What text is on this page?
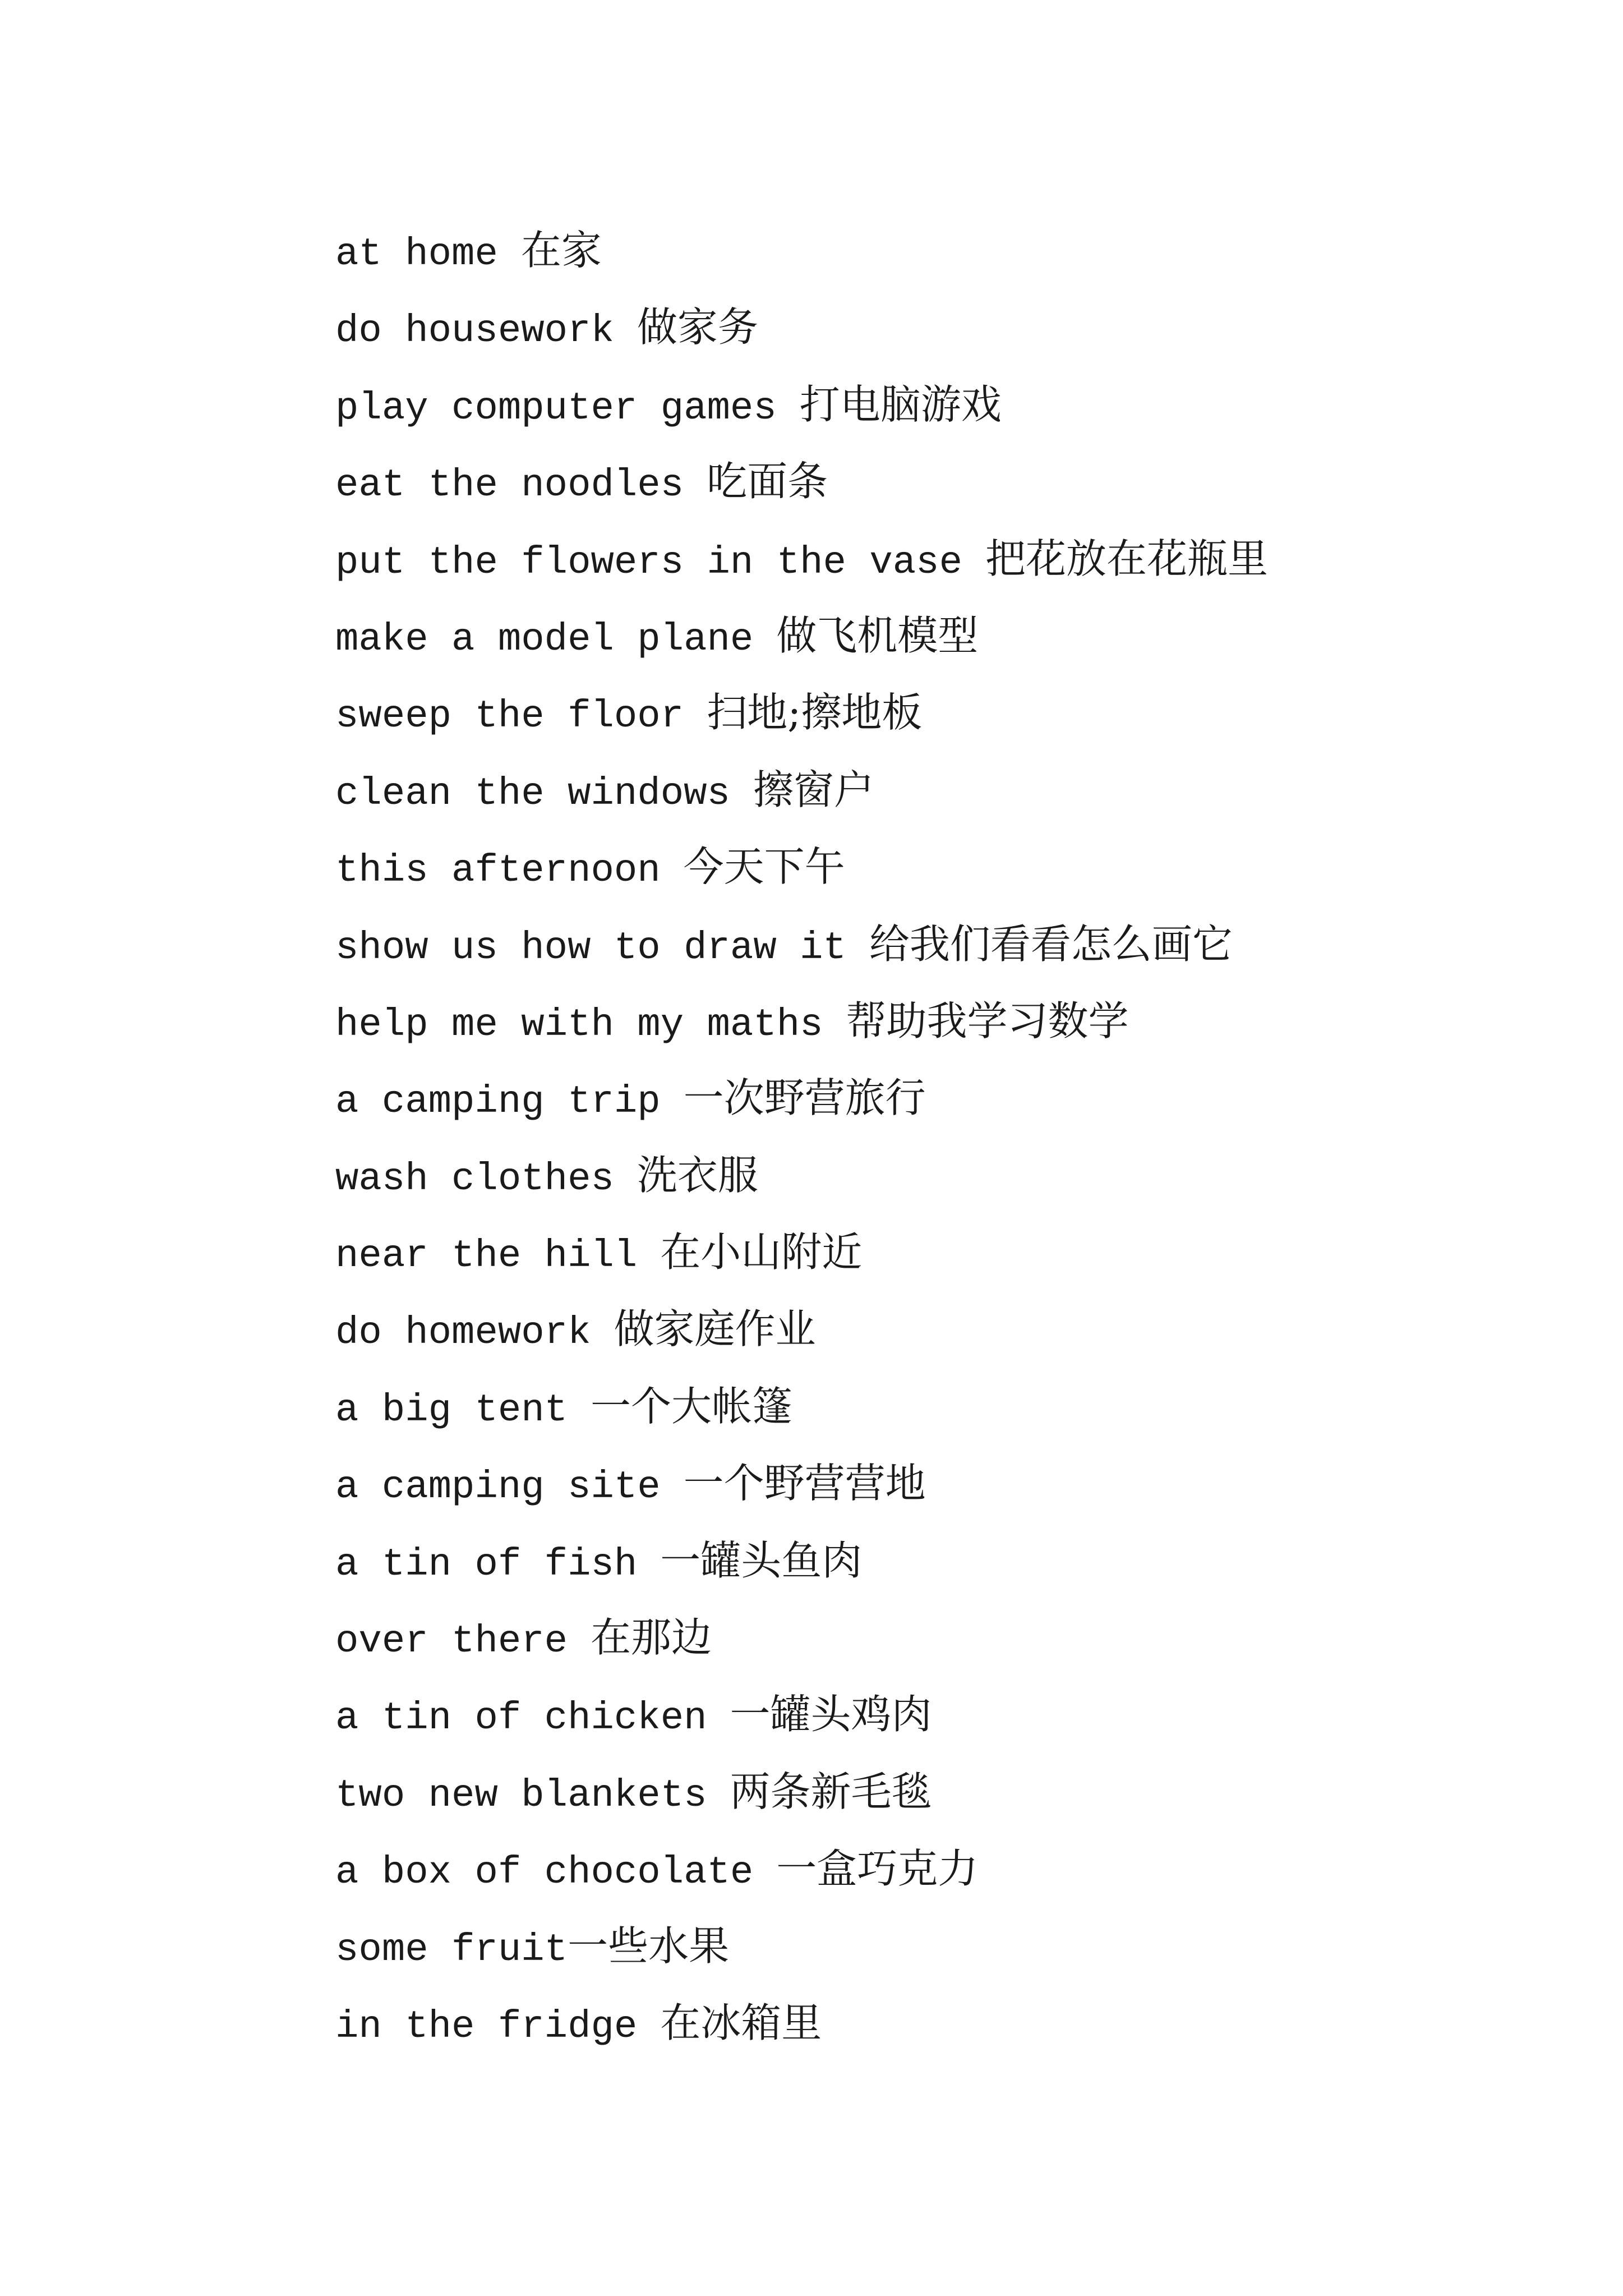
at home 在家
do housework 做家务
play computer games 打电脑游戏
eat the noodles 吃面条
put the flowers in the vase 把花放在花瓶里
make a model plane 做飞机模型
sweep the floor 扫地;擦地板
clean the windows 擦窗户
this afternoon 今天下午
show us how to draw it 给我们看看怎么画它
help me with my maths 帮助我学习数学
a camping trip 一次野营旅行
wash clothes 洗衣服
near the hill 在小山附近
do homework 做家庭作业
a big tent 一个大帐篷
a camping site 一个野营营地
a tin of fish 一罐头鱼肉
over there 在那边
a tin of chicken 一罐头鸡肉
two new blankets 两条新毛毯
a box of chocolate 一盒巧克力
some fruit一些水果
in the fridge 在冰箱里
